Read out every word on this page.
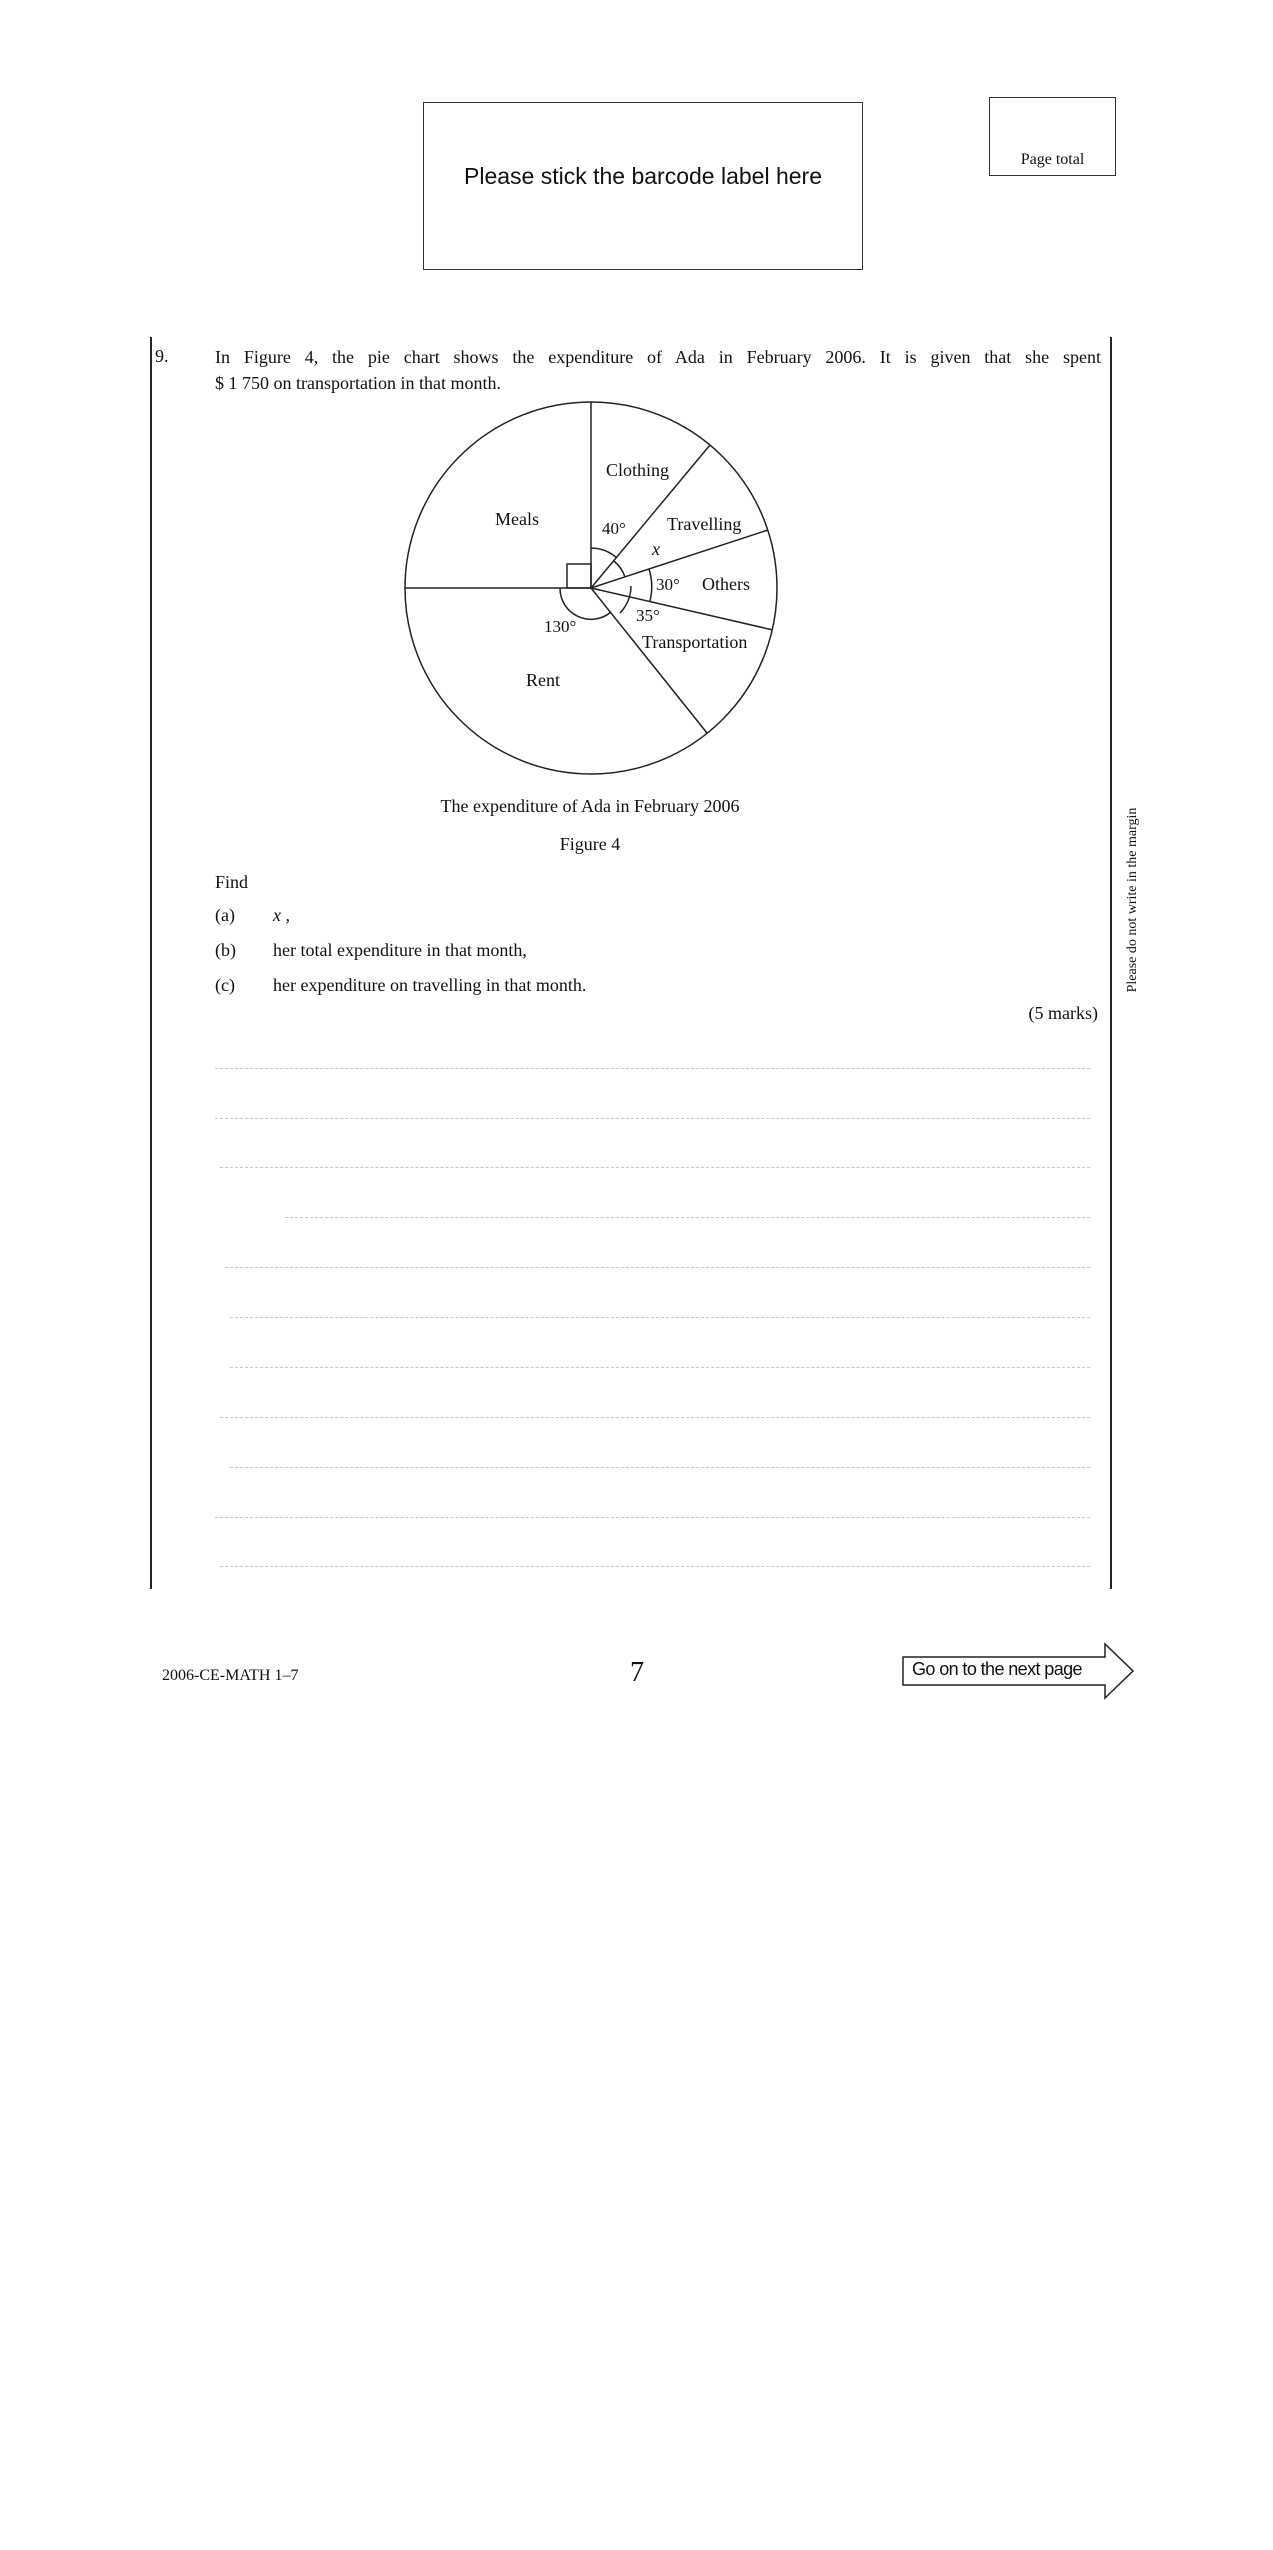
Please stick the barcode label here
Page total
9.	In Figure 4, the pie chart shows the expenditure of Ada in February 2006. It is given that she spent
$ 1 750 on transportation in that month.
Clothing
Travelling
Others
Transportation
Rent
Meals	40°
x
30°
35°
130°
The expenditure of Ada in February 2006
Figure 4
Find
(a) x ,
(b) her total expenditure in that month,
(c) her expenditure on travelling in that month.
(5 marks)
Please do not write in the margin
2006-CE-MATH 1–7	7	Go on to the next page
